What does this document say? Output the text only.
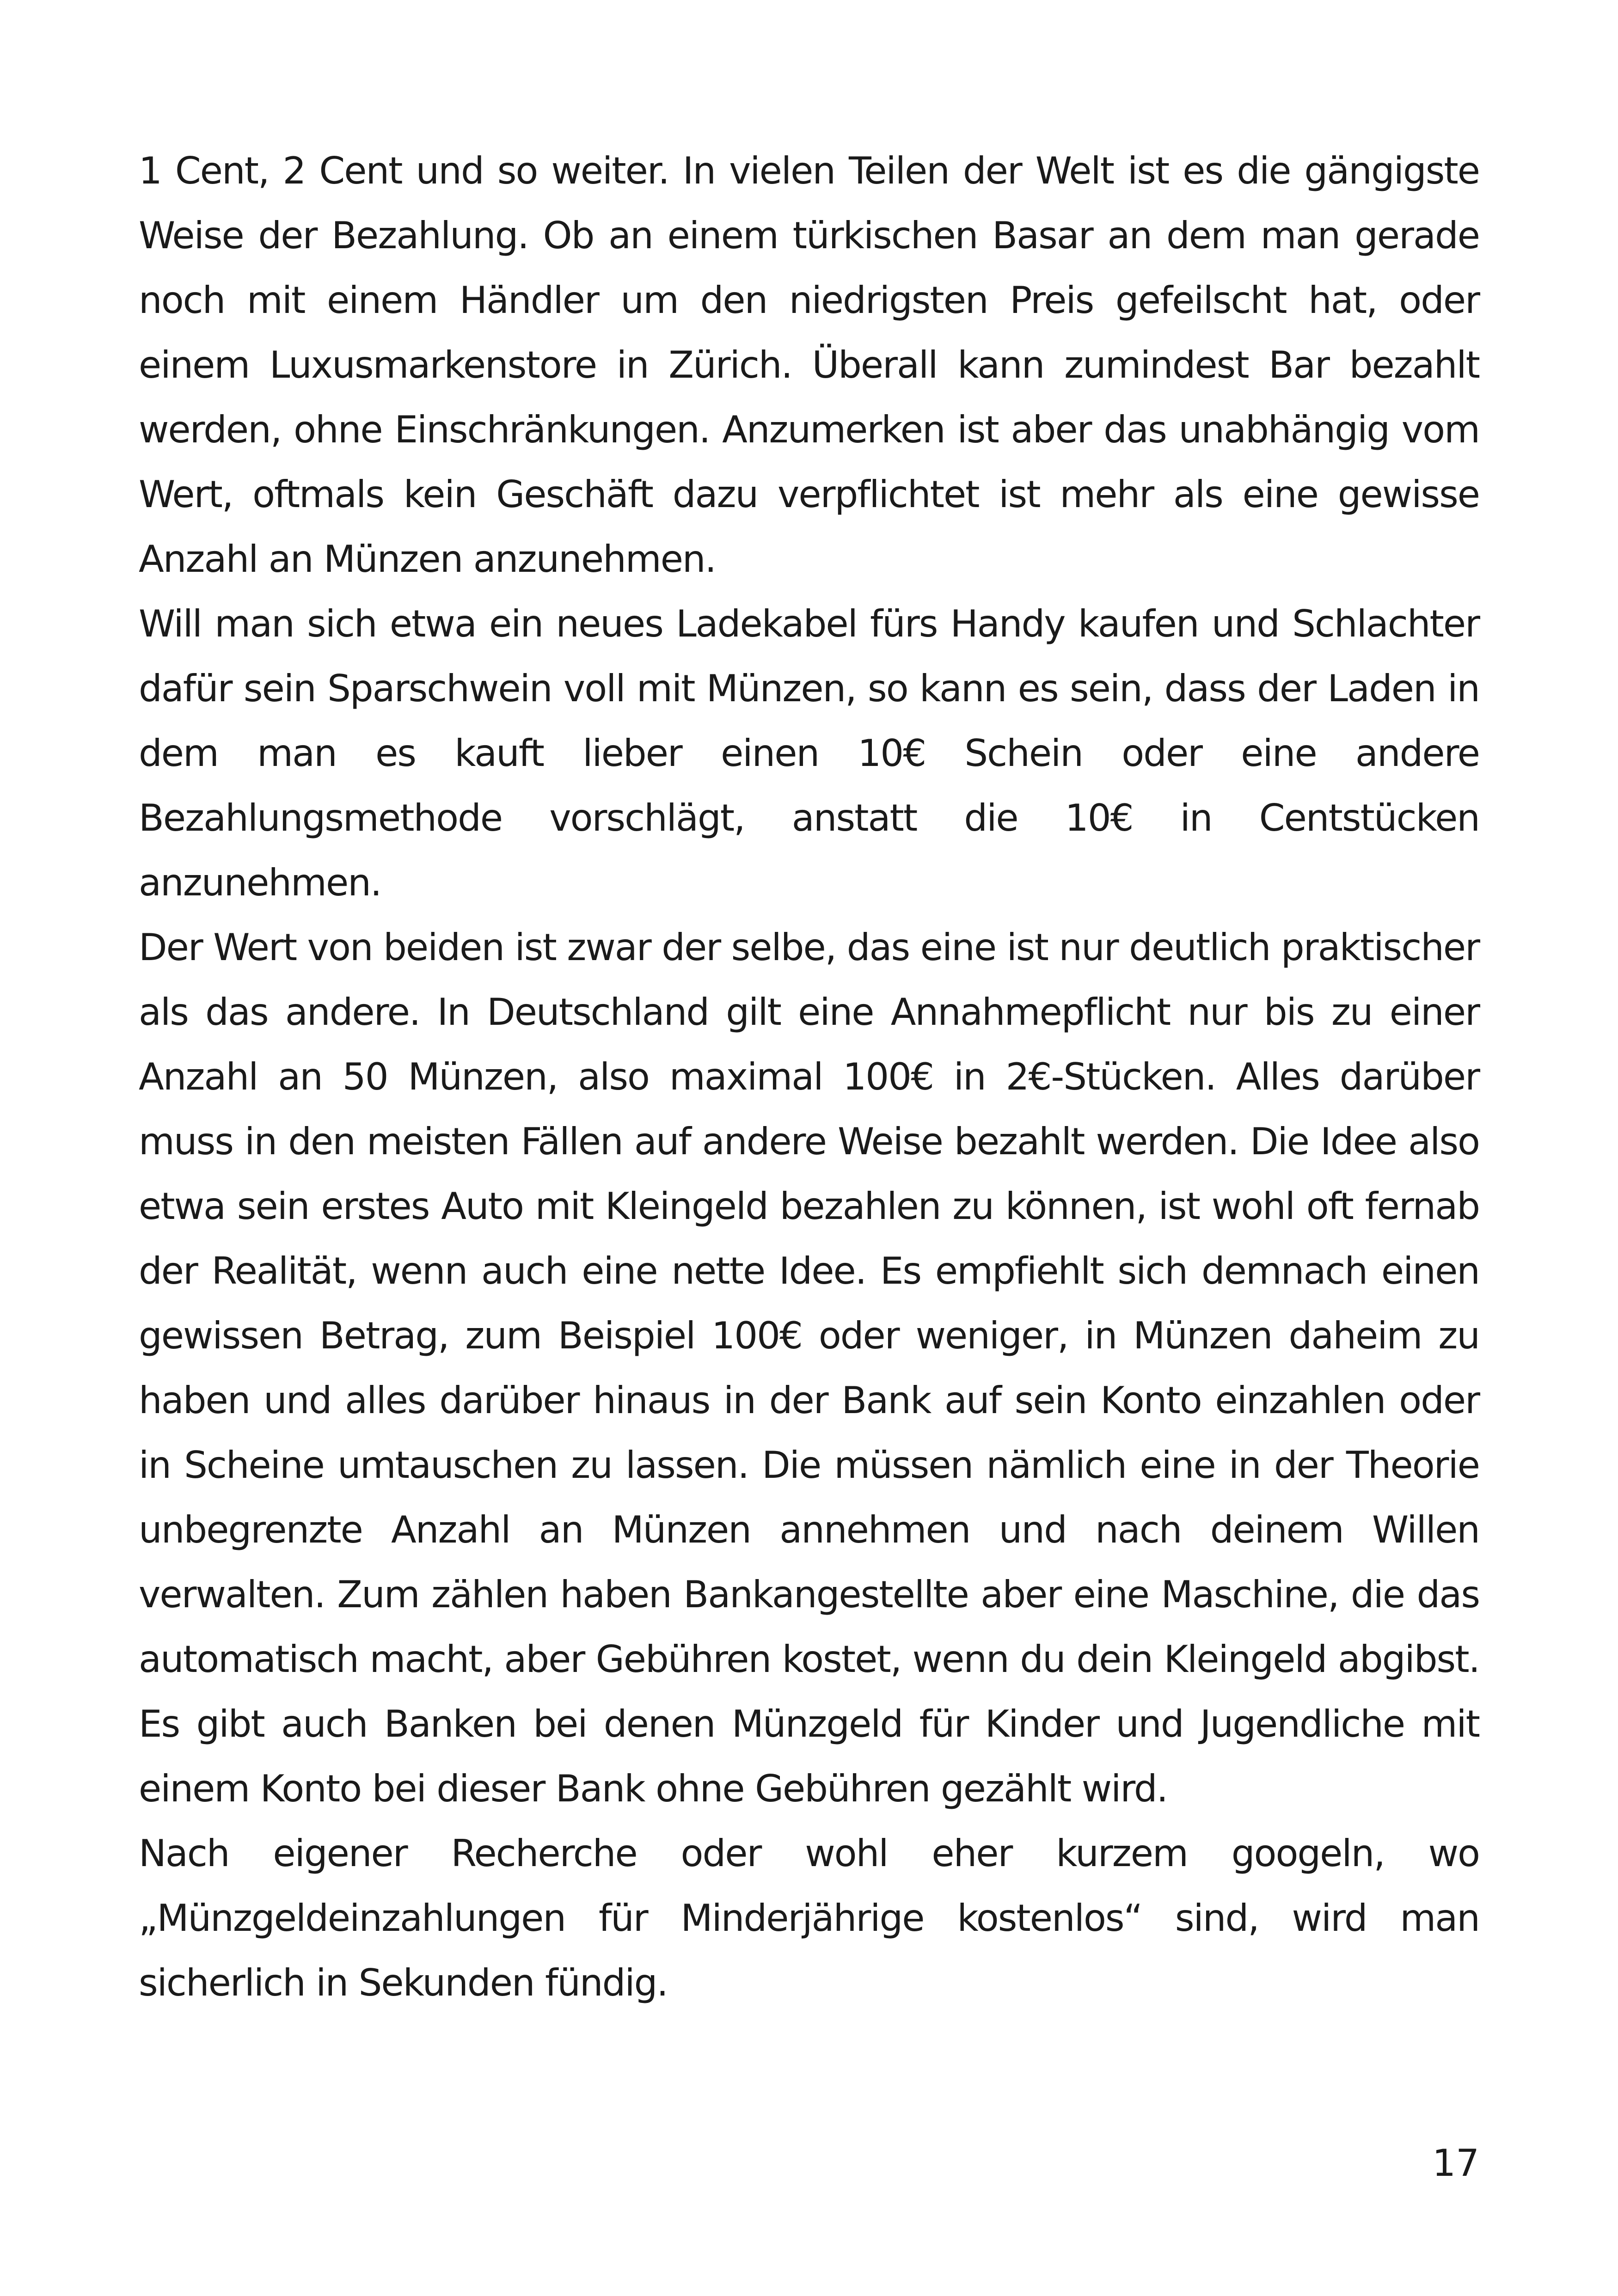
1 Cent, 2 Cent und so weiter. In vielen Teilen der Welt ist es die gängigste Weise der Bezahlung. Ob an einem türkischen Basar an dem man gerade noch mit einem Händler um den niedrigsten Preis gefeilscht hat, oder einem Luxusmarkenstore in Zürich. Überall kann zumindest Bar bezahlt werden, ohne Einschränkungen. Anzumerken ist aber das unabhängig vom Wert, oftmals kein Geschäft dazu verpflichtet ist mehr als eine gewisse Anzahl an Münzen anzunehmen.

Will man sich etwa ein neues Ladekabel fürs Handy kaufen und Schlachter dafür sein Sparschwein voll mit Münzen, so kann es sein, dass der Laden in dem man es kauft lieber einen 10€ Schein oder eine andere Bezahlungsmethode vorschlägt, anstatt die 10€ in Centstücken anzunehmen.

Der Wert von beiden ist zwar der selbe, das eine ist nur deutlich praktischer als das andere. In Deutschland gilt eine Annahmepflicht nur bis zu einer Anzahl an 50 Münzen, also maximal 100€ in 2€-Stücken. Alles darüber muss in den meisten Fällen auf andere Weise bezahlt werden. Die Idee also etwa sein erstes Auto mit Kleingeld bezahlen zu können, ist wohl oft fernab der Realität, wenn auch eine nette Idee. Es empfiehlt sich demnach einen gewissen Betrag, zum Beispiel 100€ oder weniger, in Münzen daheim zu haben und alles darüber hinaus in der Bank auf sein Konto einzahlen oder in Scheine umtauschen zu lassen. Die müssen nämlich eine in der Theorie unbegrenzte Anzahl an Münzen annehmen und nach deinem Willen verwalten. Zum zählen haben Bankangestellte aber eine Maschine, die das automatisch macht, aber Gebühren kostet, wenn du dein Kleingeld abgibst. Es gibt auch Banken bei denen Münzgeld für Kinder und Jugendliche mit einem Konto bei dieser Bank ohne Gebühren gezählt wird.

Nach eigener Recherche oder wohl eher kurzem googeln, wo „Münzgeldeinzahlungen für Minderjährige kostenlos“ sind, wird man sicherlich in Sekunden fündig.

17
